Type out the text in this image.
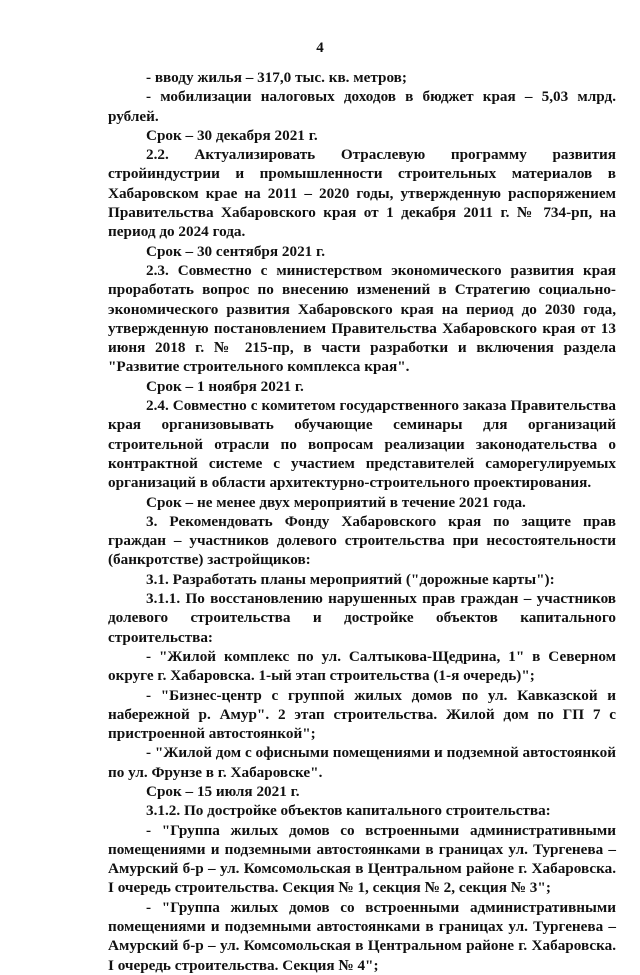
4

- вводу жилья – 317,0 тыс. кв. метров;

- мобилизации налоговых доходов в бюджет края – 5,03 млрд. рублей.

Срок – 30 декабря 2021 г.

2.2. Актуализировать Отраслевую программу развития стройиндустрии и промышленности строительных материалов в Хабаровском крае на 2011 – 2020 годы, утвержденную распоряжением Правительства Хабаровского края от 1 декабря 2011 г. № 734-рп, на период до 2024 года.

Срок – 30 сентября 2021 г.

2.3. Совместно с министерством экономического развития края проработать вопрос по внесению изменений в Стратегию социально-экономического развития Хабаровского края на период до 2030 года, утвержденную постановлением Правительства Хабаровского края от 13 июня 2018 г. № 215-пр, в части разработки и включения раздела "Развитие строительного комплекса края".

Срок – 1 ноября 2021 г.

2.4. Совместно с комитетом государственного заказа Правительства края организовывать обучающие семинары для организаций строительной отрасли по вопросам реализации законодательства о контрактной системе с участием представителей саморегулируемых организаций в области архитектурно-строительного проектирования.

Срок – не менее двух мероприятий в течение 2021 года.

3. Рекомендовать Фонду Хабаровского края по защите прав граждан – участников долевого строительства при несостоятельности (банкротстве) застройщиков:

3.1. Разработать планы мероприятий ("дорожные карты"):

3.1.1. По восстановлению нарушенных прав граждан – участников долевого строительства и достройке объектов капитального строительства:

- "Жилой комплекс по ул. Салтыкова-Щедрина, 1" в Северном округе г. Хабаровска. 1-ый этап строительства (1-я очередь)";

- "Бизнес-центр с группой жилых домов по ул. Кавказской и набережной р. Амур". 2 этап строительства. Жилой дом по ГП 7 с пристроенной автостоянкой";

- "Жилой дом с офисными помещениями и подземной автостоянкой по ул. Фрунзе в г. Хабаровске".

Срок – 15 июля 2021 г.

3.1.2. По достройке объектов капитального строительства:

- "Группа жилых домов со встроенными административными помещениями и подземными автостоянками в границах ул. Тургенева – Амурский б-р – ул. Комсомольская в Центральном районе г. Хабаровска. I очередь строительства. Секция № 1, секция № 2, секция № 3";

- "Группа жилых домов со встроенными административными помещениями и подземными автостоянками в границах ул. Тургенева – Амурский б-р – ул. Комсомольская в Центральном районе г. Хабаровска. I очередь строительства. Секция № 4";
